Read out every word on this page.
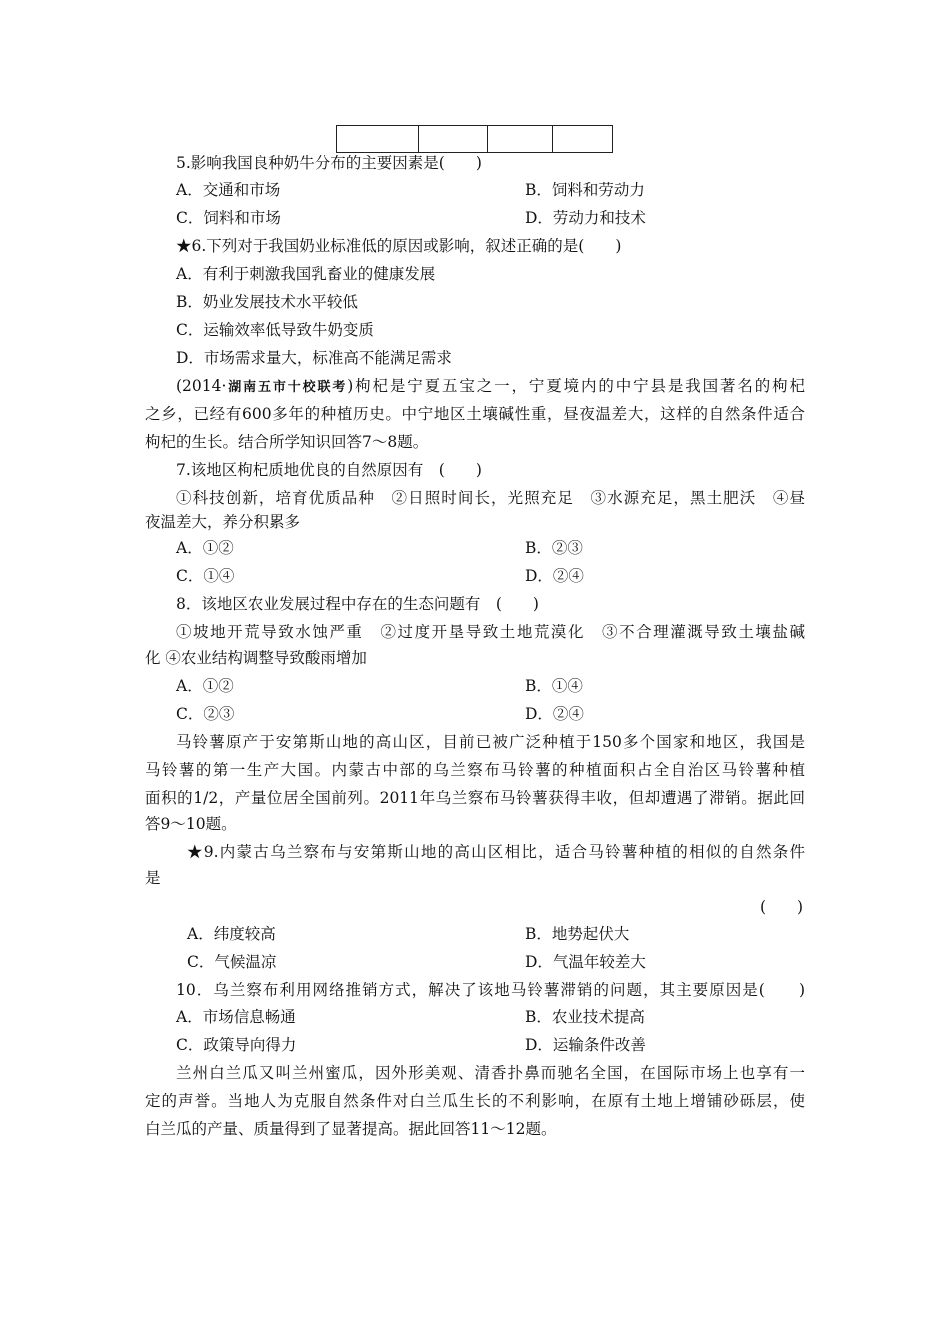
5.影响我国良种奶牛分布的主要因素是(　　)
A．交通和市场	B．饲料和劳动力
C．饲料和市场	D．劳动力和技术
★6.下列对于我国奶业标准低的原因或影响，叙述正确的是(　　)
A．有利于刺激我国乳畜业的健康发展
B．奶业发展技术水平较低
C．运输效率低导致牛奶变质
D．市场需求量大，标准高不能满足需求
(2014·湖南五市十校联考)枸杞是宁夏五宝之一，宁夏境内的中宁县是我国著名的枸杞
之乡，已经有600多年的种植历史。中宁地区土壤碱性重，昼夜温差大，这样的自然条件适合
枸杞的生长。结合所学知识回答7～8题。
7.该地区枸杞质地优良的自然原因有　(　　)
①科技创新，培育优质品种　②日照时间长，光照充足　③水源充足，黑土肥沃　④昼
夜温差大，养分积累多
A．①②	B．②③
C．①④	D．②④
8．该地区农业发展过程中存在的生态问题有　(　　)
①坡地开荒导致水蚀严重　②过度开垦导致土地荒漠化　③不合理灌溉导致土壤盐碱
化 ④农业结构调整导致酸雨增加
A．①②	B．①④
C．②③	D．②④
马铃薯原产于安第斯山地的高山区，目前已被广泛种植于150多个国家和地区，我国是
马铃薯的第一生产大国。内蒙古中部的乌兰察布马铃薯的种植面积占全自治区马铃薯种植
面积的1/2，产量位居全国前列。2011年乌兰察布马铃薯获得丰收，但却遭遇了滞销。据此回
答9～10题。
★9.内蒙古乌兰察布与安第斯山地的高山区相比，适合马铃薯种植的相似的自然条件
是
(　　)
A．纬度较高	B．地势起伏大
C．气候温凉	D．气温年较差大
10．乌兰察布利用网络推销方式，解决了该地马铃薯滞销的问题，其主要原因是(　　)
A．市场信息畅通	B．农业技术提高
C．政策导向得力	D．运输条件改善
兰州白兰瓜又叫兰州蜜瓜，因外形美观、清香扑鼻而驰名全国，在国际市场上也享有一
定的声誉。当地人为克服自然条件对白兰瓜生长的不利影响，在原有土地上增铺砂砾层，使
白兰瓜的产量、质量得到了显著提高。据此回答11～12题。
